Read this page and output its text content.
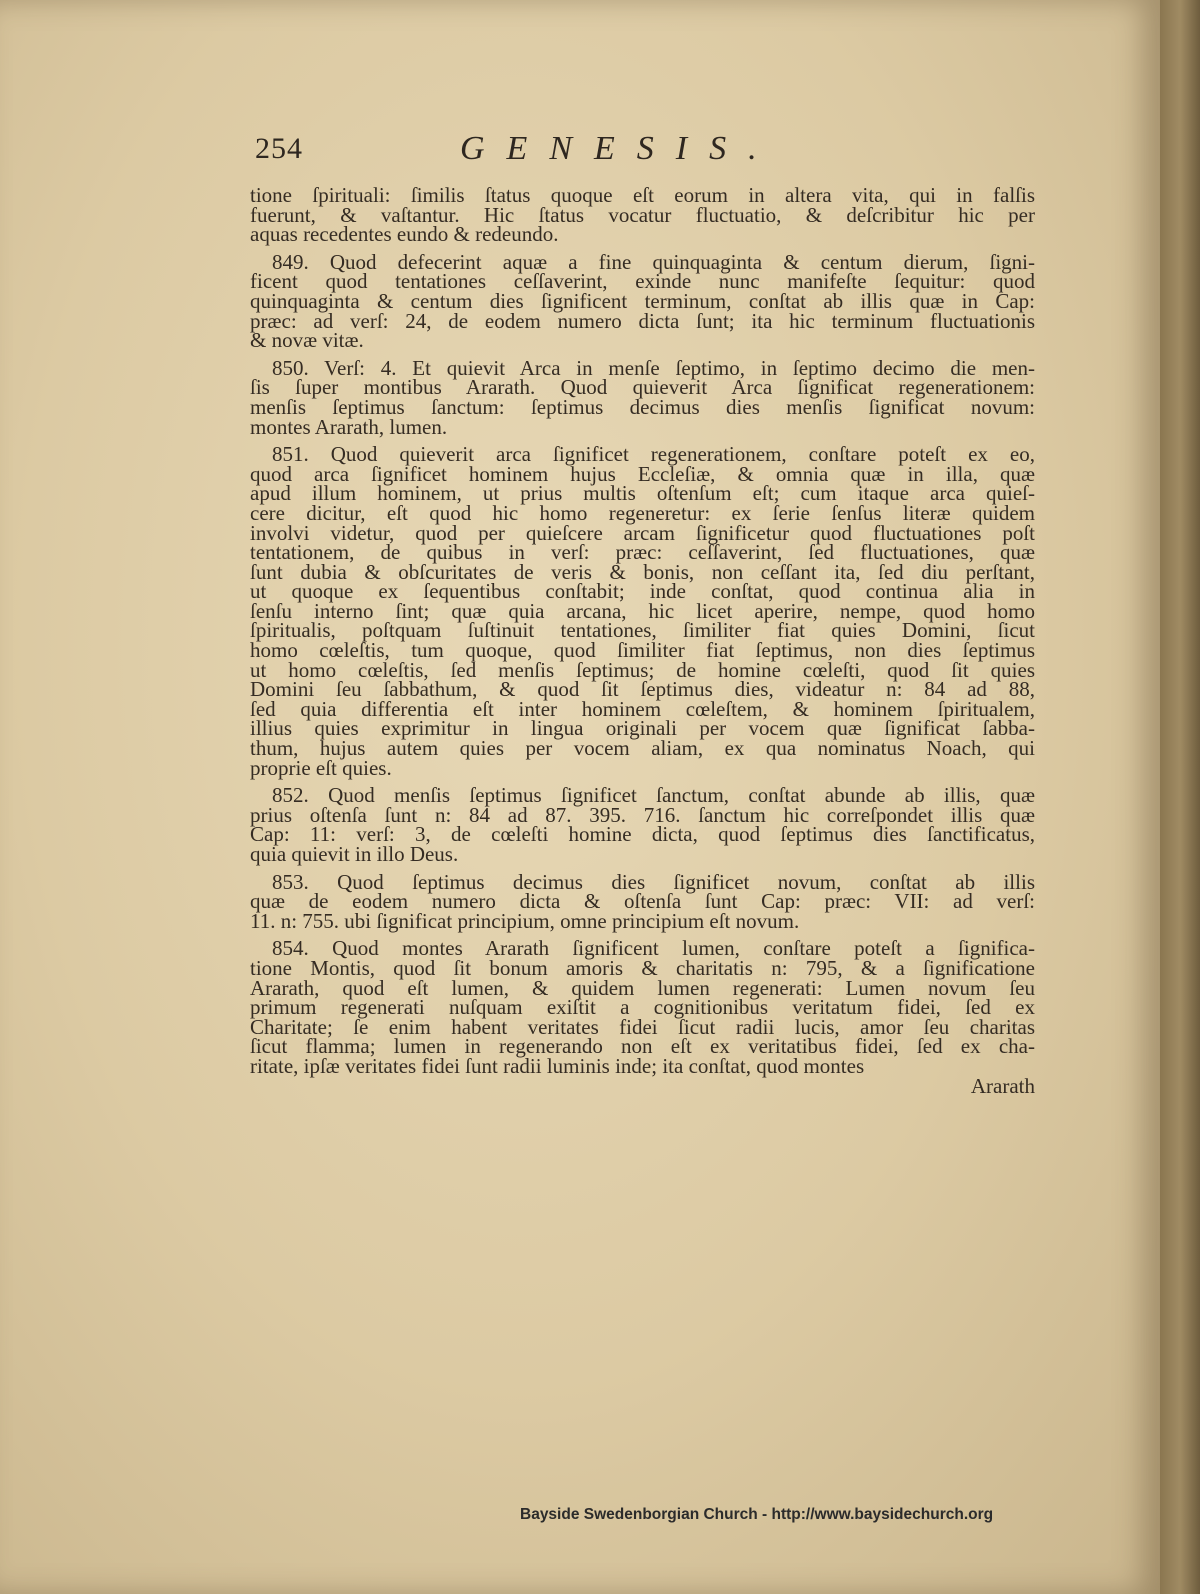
254	GENESIS.
tione ſpirituali: ſimilis ſtatus quoque eſt eorum in altera vita, qui in falſis
fuerunt, & vaſtantur. Hic ſtatus vocatur fluctuatio, & deſcribitur hic per
aquas recedentes eundo & redeundo.
849. Quod defecerint aquæ a fine quinquaginta & centum dierum, ſigni-
ficent quod tentationes ceſſaverint, exinde nunc manifeſte ſequitur: quod
quinquaginta & centum dies ſignificent terminum, conſtat ab illis quæ in Cap:
præc: ad verſ: 24, de eodem numero dicta ſunt; ita hic terminum fluctuationis
& novæ vitæ.
850. Verſ: 4. Et quievit Arca in menſe ſeptimo, in ſeptimo decimo die men-
ſis ſuper montibus Ararath. Quod quieverit Arca ſignificat regenerationem:
menſis ſeptimus ſanctum: ſeptimus decimus dies menſis ſignificat novum:
montes Ararath, lumen.
851. Quod quieverit arca ſignificet regenerationem, conſtare poteſt ex eo,
quod arca ſignificet hominem hujus Eccleſiæ, & omnia quæ in illa, quæ
apud illum hominem, ut prius multis oſtenſum eſt; cum itaque arca quieſ-
cere dicitur, eſt quod hic homo regeneretur: ex ſerie ſenſus literæ quidem
involvi videtur, quod per quieſcere arcam ſignificetur quod fluctuationes poſt
tentationem, de quibus in verſ: præc: ceſſaverint, ſed fluctuationes, quæ
ſunt dubia & obſcuritates de veris & bonis, non ceſſant ita, ſed diu perſtant,
ut quoque ex ſequentibus conſtabit; inde conſtat, quod continua alia in
ſenſu interno ſint; quæ quia arcana, hic licet aperire, nempe, quod homo
ſpiritualis, poſtquam ſuſtinuit tentationes, ſimiliter fiat quies Domini, ſicut
homo cœleſtis, tum quoque, quod ſimiliter fiat ſeptimus, non dies ſeptimus
ut homo cœleſtis, ſed menſis ſeptimus; de homine cœleſti, quod ſit quies
Domini ſeu ſabbathum, & quod ſit ſeptimus dies, videatur n: 84 ad 88,
ſed quia differentia eſt inter hominem cœleſtem, & hominem ſpiritualem,
illius quies exprimitur in lingua originali per vocem quæ ſignificat ſabba-
thum, hujus autem quies per vocem aliam, ex qua nominatus Noach, qui
proprie eſt quies.
852. Quod menſis ſeptimus ſignificet ſanctum, conſtat abunde ab illis, quæ
prius oſtenſa ſunt n: 84 ad 87. 395. 716. ſanctum hic correſpondet illis quæ
Cap: 11: verſ: 3, de cœleſti homine dicta, quod ſeptimus dies ſanctificatus,
quia quievit in illo Deus.
853. Quod ſeptimus decimus dies ſignificet novum, conſtat ab illis
quæ de eodem numero dicta & oſtenſa ſunt Cap: præc: VII: ad verſ:
11. n: 755. ubi ſignificat principium, omne principium eſt novum.
854. Quod montes Ararath ſignificent lumen, conſtare poteſt a ſignifica-
tione Montis, quod ſit bonum amoris & charitatis n: 795, & a ſignificatione
Ararath, quod eſt lumen, & quidem lumen regenerati: Lumen novum ſeu
primum regenerati nuſquam exiſtit a cognitionibus veritatum fidei, ſed ex
Charitate; ſe enim habent veritates fidei ſicut radii lucis, amor ſeu charitas
ſicut flamma; lumen in regenerando non eſt ex veritatibus fidei, ſed ex cha-
ritate, ipſæ veritates fidei ſunt radii luminis inde; ita conſtat, quod montes
Ararath
Bayside Swedenborgian Church - http://www.baysidechurch.org
